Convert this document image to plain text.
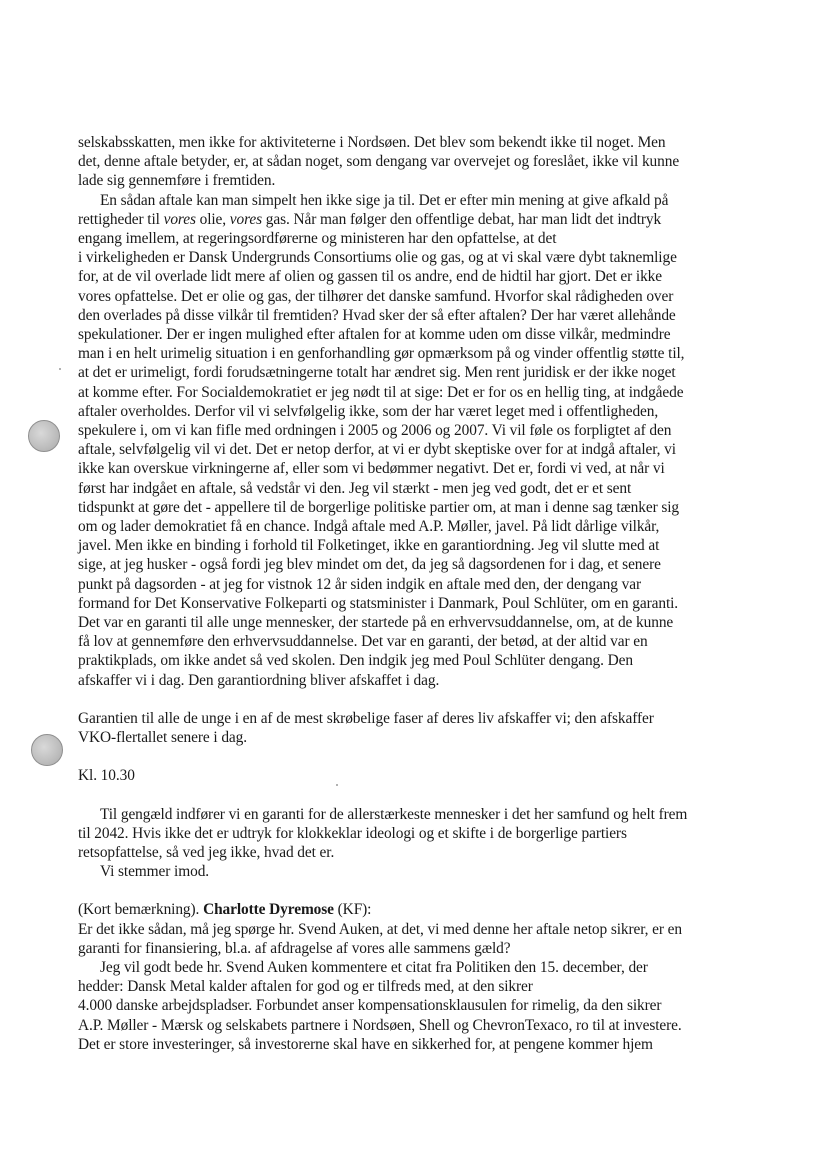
selskabsskatten, men ikke for aktiviteterne i Nordsøen. Det blev som bekendt ikke til noget. Men
det, denne aftale betyder, er, at sådan noget, som dengang var overvejet og foreslået, ikke vil kunne
lade sig gennemføre i fremtiden.
En sådan aftale kan man simpelt hen ikke sige ja til. Det er efter min mening at give afkald på
rettigheder til vores olie, vores gas. Når man følger den offentlige debat, har man lidt det indtryk
engang imellem, at regeringsordførerne og ministeren har den opfattelse, at det
i virkeligheden er Dansk Undergrunds Consortiums olie og gas, og at vi skal være dybt taknemlige
for, at de vil overlade lidt mere af olien og gassen til os andre, end de hidtil har gjort. Det er ikke
vores opfattelse. Det er olie og gas, der tilhører det danske samfund. Hvorfor skal rådigheden over
den overlades på disse vilkår til fremtiden? Hvad sker der så efter aftalen? Der har været allehånde
spekulationer. Der er ingen mulighed efter aftalen for at komme uden om disse vilkår, medmindre
man i en helt urimelig situation i en genforhandling gør opmærksom på og vinder offentlig støtte til,
at det er urimeligt, fordi forudsætningerne totalt har ændret sig. Men rent juridisk er der ikke noget
at komme efter. For Socialdemokratiet er jeg nødt til at sige: Det er for os en hellig ting, at indgåede
aftaler overholdes. Derfor vil vi selvfølgelig ikke, som der har været leget med i offentligheden,
spekulere i, om vi kan fifle med ordningen i 2005 og 2006 og 2007. Vi vil føle os forpligtet af den
aftale, selvfølgelig vil vi det. Det er netop derfor, at vi er dybt skeptiske over for at indgå aftaler, vi
ikke kan overskue virkningerne af, eller som vi bedømmer negativt. Det er, fordi vi ved, at når vi
først har indgået en aftale, så vedstår vi den. Jeg vil stærkt - men jeg ved godt, det er et sent
tidspunkt at gøre det - appellere til de borgerlige politiske partier om, at man i denne sag tænker sig
om og lader demokratiet få en chance. Indgå aftale med A.P. Møller, javel. På lidt dårlige vilkår,
javel. Men ikke en binding i forhold til Folketinget, ikke en garantiordning. Jeg vil slutte med at
sige, at jeg husker - også fordi jeg blev mindet om det, da jeg så dagsordenen for i dag, et senere
punkt på dagsorden - at jeg for vistnok 12 år siden indgik en aftale med den, der dengang var
formand for Det Konservative Folkeparti og statsminister i Danmark, Poul Schlüter, om en garanti.
Det var en garanti til alle unge mennesker, der startede på en erhvervsuddannelse, om, at de kunne
få lov at gennemføre den erhvervsuddannelse. Det var en garanti, der betød, at der altid var en
praktikplads, om ikke andet så ved skolen. Den indgik jeg med Poul Schlüter dengang. Den
afskaffer vi i dag. Den garantiordning bliver afskaffet i dag.
Garantien til alle de unge i en af de mest skrøbelige faser af deres liv afskaffer vi; den afskaffer
VKO-flertallet senere i dag.
Kl. 10.30
Til gengæld indfører vi en garanti for de allerstærkeste mennesker i det her samfund og helt frem
til 2042. Hvis ikke det er udtryk for klokkeklar ideologi og et skifte i de borgerlige partiers
retsopfattelse, så ved jeg ikke, hvad det er.
Vi stemmer imod.
(Kort bemærkning). Charlotte Dyremose (KF):
Er det ikke sådan, må jeg spørge hr. Svend Auken, at det, vi med denne her aftale netop sikrer, er en
garanti for finansiering, bl.a. af afdragelse af vores alle sammens gæld?
Jeg vil godt bede hr. Svend Auken kommentere et citat fra Politiken den 15. december, der
hedder: Dansk Metal kalder aftalen for god og er tilfreds med, at den sikrer
4.000 danske arbejdspladser. Forbundet anser kompensationsklausulen for rimelig, da den sikrer
A.P. Møller - Mærsk og selskabets partnere i Nordsøen, Shell og ChevronTexaco, ro til at investere.
Det er store investeringer, så investorerne skal have en sikkerhed for, at pengene kommer hjem
